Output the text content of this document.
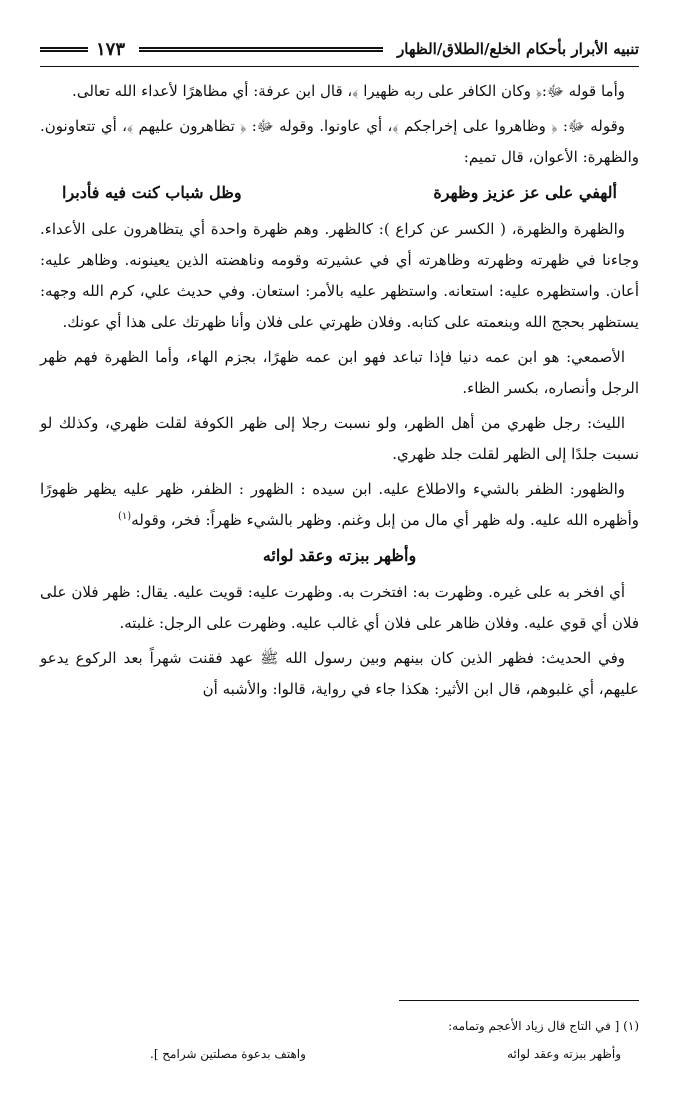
تنبيه الأبرار بأحكام الخلع/الطلاق/الظهار
١٧٣

وأما قوله ﷻ:﴿ وكان الكافر على ربه ظهيرا ﴾، قال ابن عرفة: أي مظاهرًا لأعداء الله تعالى.

وقوله ﷻ: ﴿ وظاهروا على إخراجكم ﴾، أي عاونوا. وقوله ﷻ: ﴿ تظاهرون عليهم ﴾، أي تتعاونون. والظهرة: الأعوان، قال تميم:

ألهفي على عز عزيز وظهرة
وظل شباب كنت فيه فأدبرا

والظهرة والظهرة، ( الكسر عن كراع ): كالظهر. وهم ظهرة واحدة أي يتظاهرون على الأعداء. وجاءنا في ظهرته وظهرته وظاهرته أي في عشيرته وقومه وناهضته الذين يعينونه. وظاهر عليه: أعان. واستظهره عليه: استعانه. واستظهر عليه بالأمر: استعان. وفي حديث علي، كرم الله وجهه: يستظهر بحجج الله وبنعمته على كتابه. وفلان ظهرتي على فلان وأنا ظهرتك على هذا أي عونك.

الأصمعي: هو ابن عمه دنيا فإذا تباعد فهو ابن عمه ظهرًا، بجزم الهاء، وأما الظهرة فهم ظهر الرجل وأنصاره، بكسر الظاء.

الليث: رجل ظهري من أهل الظهر، ولو نسبت رجلا إلى ظهر الكوفة لقلت ظهري، وكذلك لو نسبت جلدًا إلى الظهر لقلت جلد ظهري.

والظهور: الظفر بالشيء والاطلاع عليه. ابن سيده : الظهور : الظفر، ظهر عليه يظهر ظهورًا وأظهره الله عليه. وله ظهر أي مال من إبل وغنم. وظهر بالشيء ظهراً: فخر، وقوله$^{(١)}$

وأظهر ببزته وعقد لوائه

أي افخر به على غيره. وظهرت به: افتخرت به. وظهرت عليه: قويت عليه. يقال: ظهر فلان على فلان أي قوي عليه. وفلان ظاهر على فلان أي غالب عليه. وظهرت على الرجل: غلبته.

وفي الحديث: فظهر الذين كان بينهم وبين رسول الله ﷺ عهد فقنت شهراً بعد الركوع يدعو عليهم، أي غلبوهم، قال ابن الأثير: هكذا جاء في رواية، قالوا: والأشبه أن

(١) [ في التاج قال زياد الأعجم وتمامه:
وأظهر ببزته وعقد لوائه
واهتف بدعوة مصلتين شرامح ].
